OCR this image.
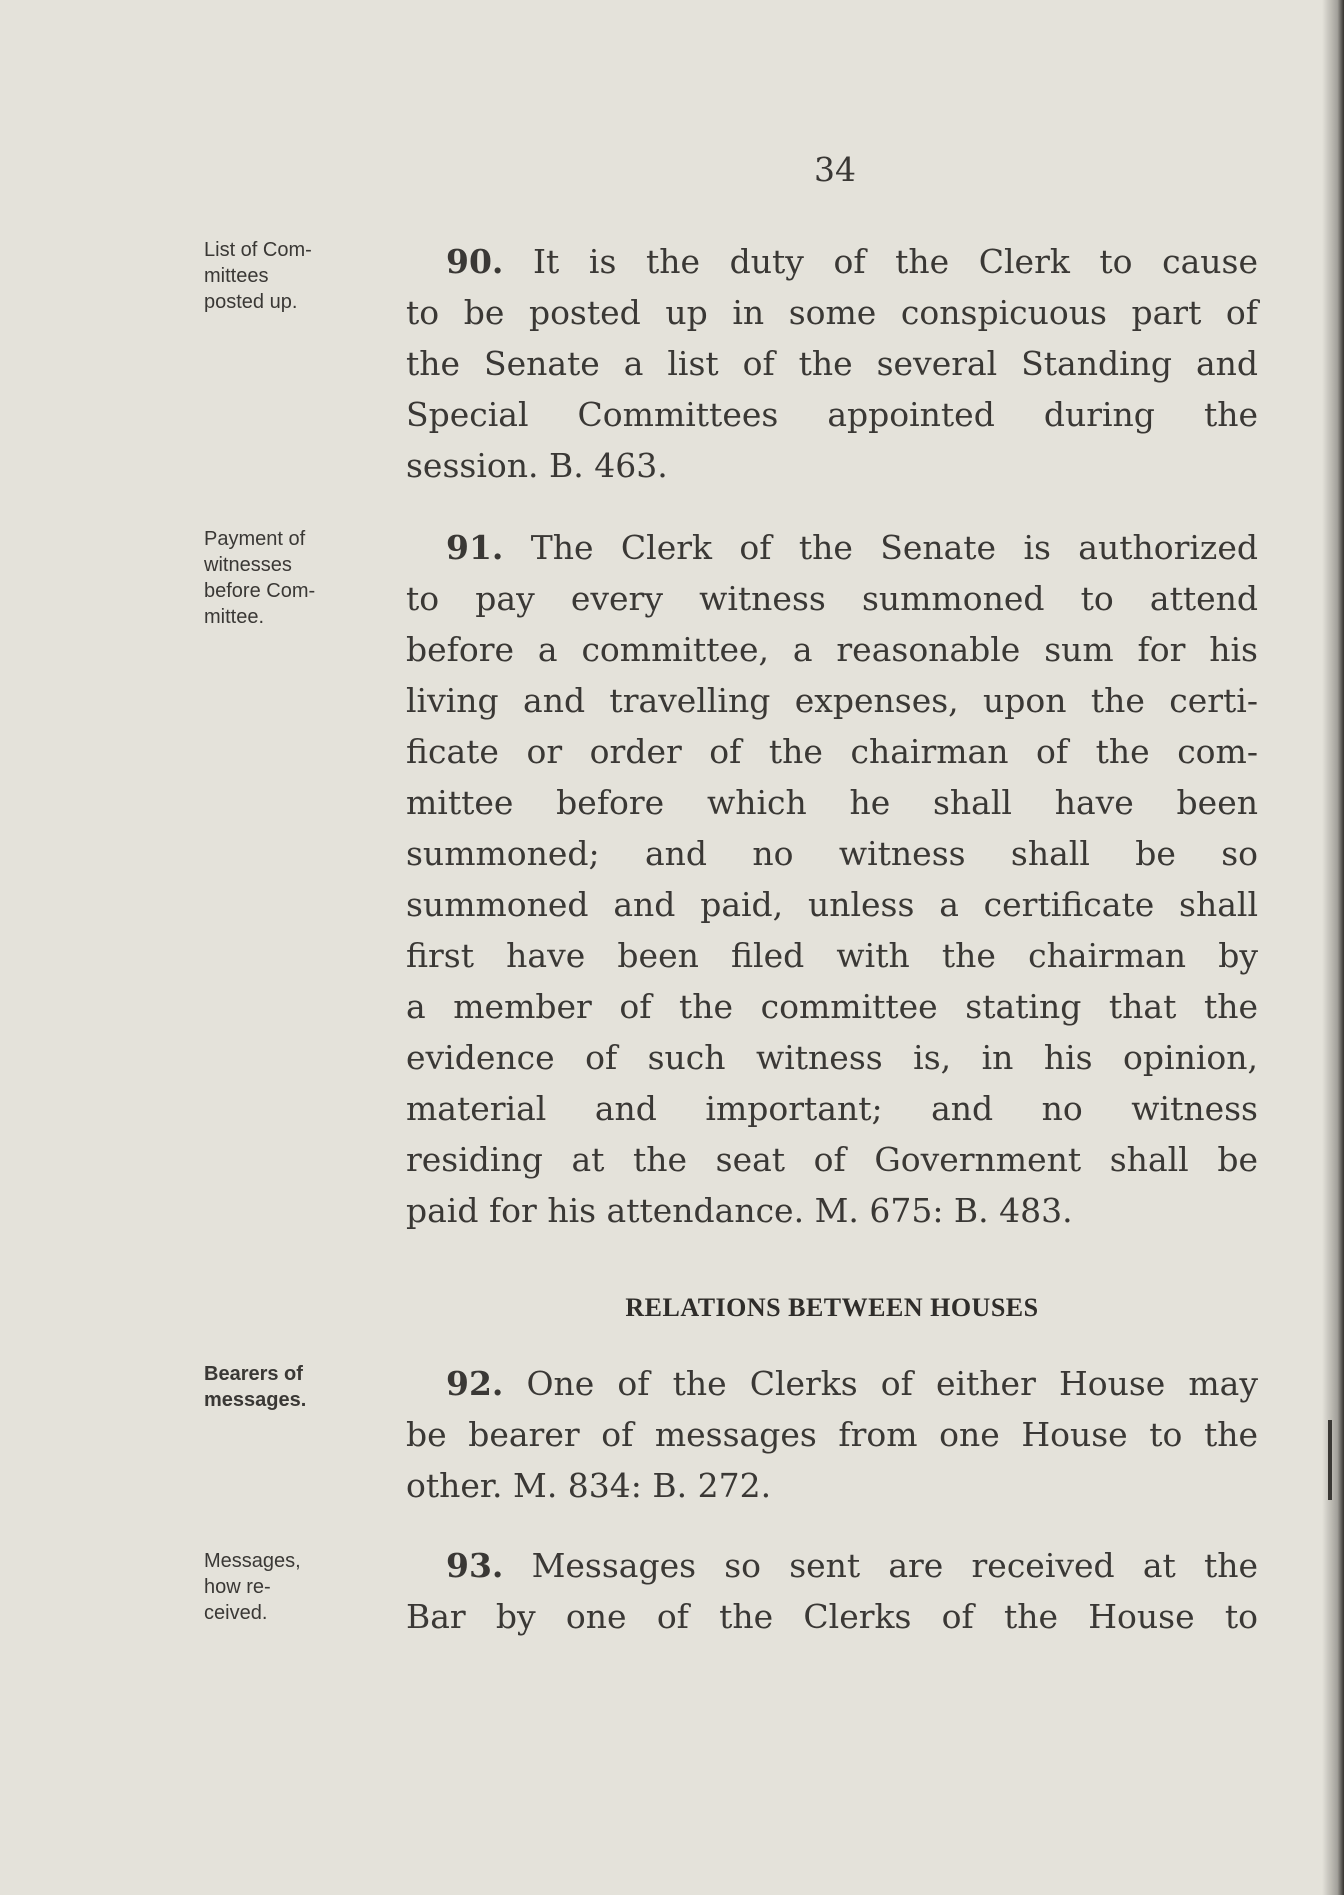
34
List of Com-
mittees
posted up.
Payment of
witnesses
before Com-
mittee.
Bearers of
messages.
Messages,
how re-
ceived.
90. It is the duty of the Clerk to cause
to be posted up in some conspicuous part of
the Senate a list of the several Standing and
Special Committees appointed during the
session. B. 463.
91. The Clerk of the Senate is authorized
to pay every witness summoned to attend
before a committee, a reasonable sum for his
living and travelling expenses, upon the certi-
ficate or order of the chairman of the com-
mittee before which he shall have been
summoned; and no witness shall be so
summoned and paid, unless a certificate shall
first have been filed with the chairman by
a member of the committee stating that the
evidence of such witness is, in his opinion,
material and important; and no witness
residing at the seat of Government shall be
paid for his attendance. M. 675: B. 483.
RELATIONS BETWEEN HOUSES
92. One of the Clerks of either House may
be bearer of messages from one House to the
other. M. 834: B. 272.
93. Messages so sent are received at the
Bar by one of the Clerks of the House to
